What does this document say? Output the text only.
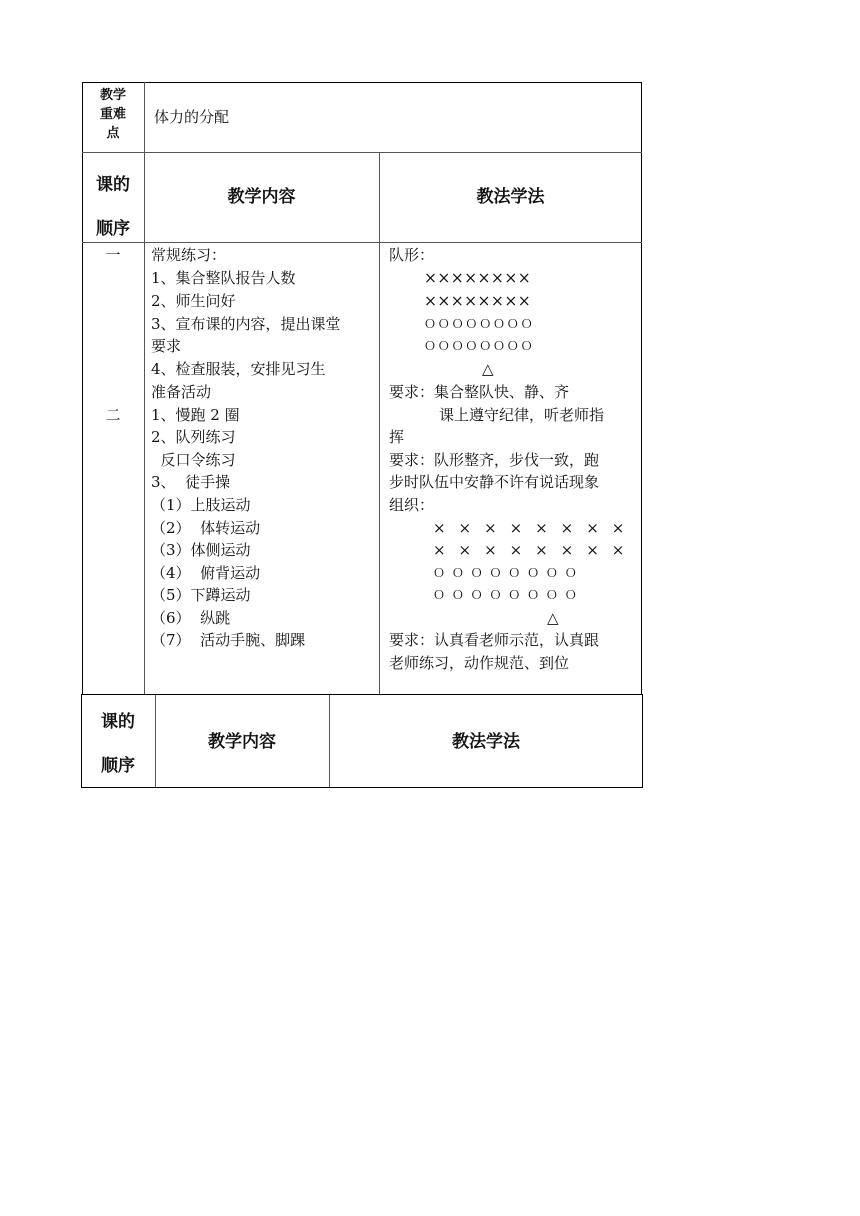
教学
重难
点
体力的分配
课的
顺序
教学内容	教法学法
一
二
常规练习：
1、集合整队报告人数
2、师生问好
3、宣布课的内容，提出课堂
要求
4、检查服装，安排见习生
准备活动
1、慢跑 2 圈
2、队列练习
反口令练习
3、  徒手操
（1）上肢运动
（2）  体转运动
（3）体侧运动
（4）  俯背运动
（5）下蹲运动
（6）  纵跳
（7）  活动手腕、脚踝
队形：
××××××××
××××××××
ＯＯＯＯＯＯＯＯ
ＯＯＯＯＯＯＯＯ
△
要求：集合整队快、静、齐
课上遵守纪律，听老师指
挥
要求：队形整齐，步伐一致，跑
步时队伍中安静不许有说话现象
组织：
× × × × × × × ×
× × × × × × × ×
Ｏ Ｏ Ｏ Ｏ Ｏ Ｏ Ｏ Ｏ
Ｏ Ｏ Ｏ Ｏ Ｏ Ｏ Ｏ Ｏ
△
要求：认真看老师示范，认真跟
老师练习，动作规范、到位
课的
顺序
教学内容	教法学法
